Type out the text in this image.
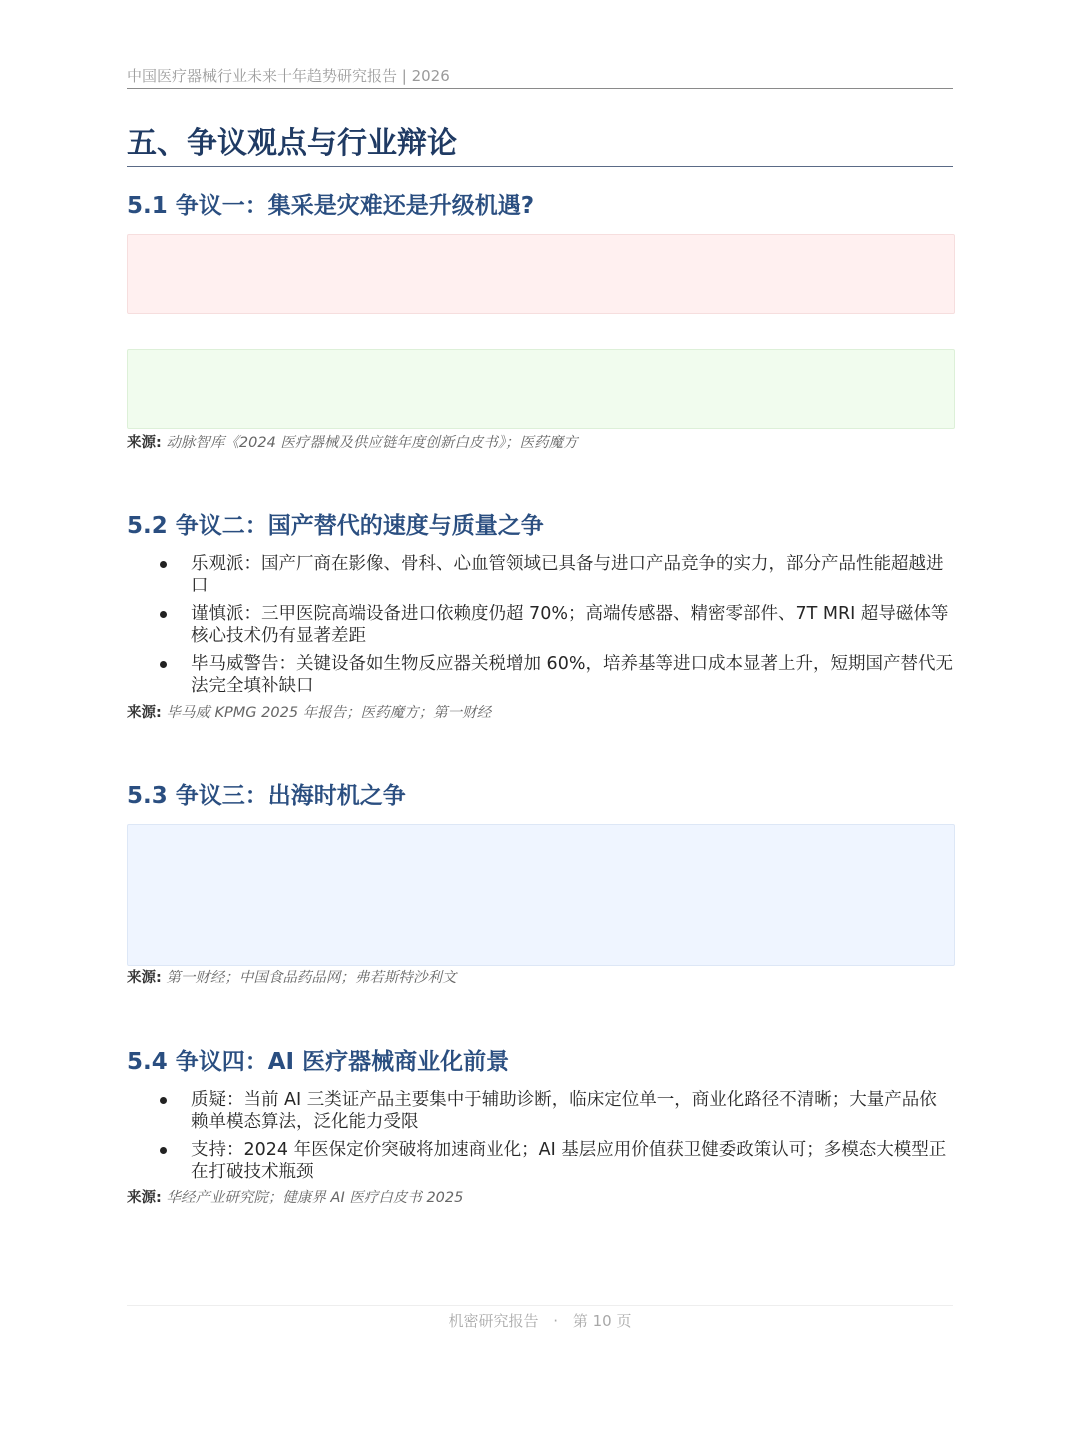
中国医疗器械行业未来十年趋势研究报告 | 2026
五、争议观点与行业辩论
5.1 争议一：集采是灾难还是升级机遇?
来源: 动脉智库《2024 医疗器械及供应链年度创新白皮书》；医药魔方
5.2 争议二：国产替代的速度与质量之争
乐观派：国产厂商在影像、骨科、心血管领域已具备与进口产品竞争的实力，部分产品性能超越进口
谨慎派：三甲医院高端设备进口依赖度仍超 70%；高端传感器、精密零部件、7T MRI 超导磁体等核心技术仍有显著差距
毕马威警告：关键设备如生物反应器关税增加 60%，培养基等进口成本显著上升，短期国产替代无法完全填补缺口
来源: 毕马威 KPMG 2025 年报告；医药魔方；第一财经
5.3 争议三：出海时机之争
来源: 第一财经；中国食品药品网；弗若斯特沙利文
5.4 争议四：AI 医疗器械商业化前景
质疑：当前 AI 三类证产品主要集中于辅助诊断，临床定位单一，商业化路径不清晰；大量产品依赖单模态算法，泛化能力受限
支持：2024 年医保定价突破将加速商业化；AI 基层应用价值获卫健委政策认可；多模态大模型正在打破技术瓶颈
来源: 华经产业研究院；健康界 AI 医疗白皮书 2025
机密研究报告 · 第 10 页
